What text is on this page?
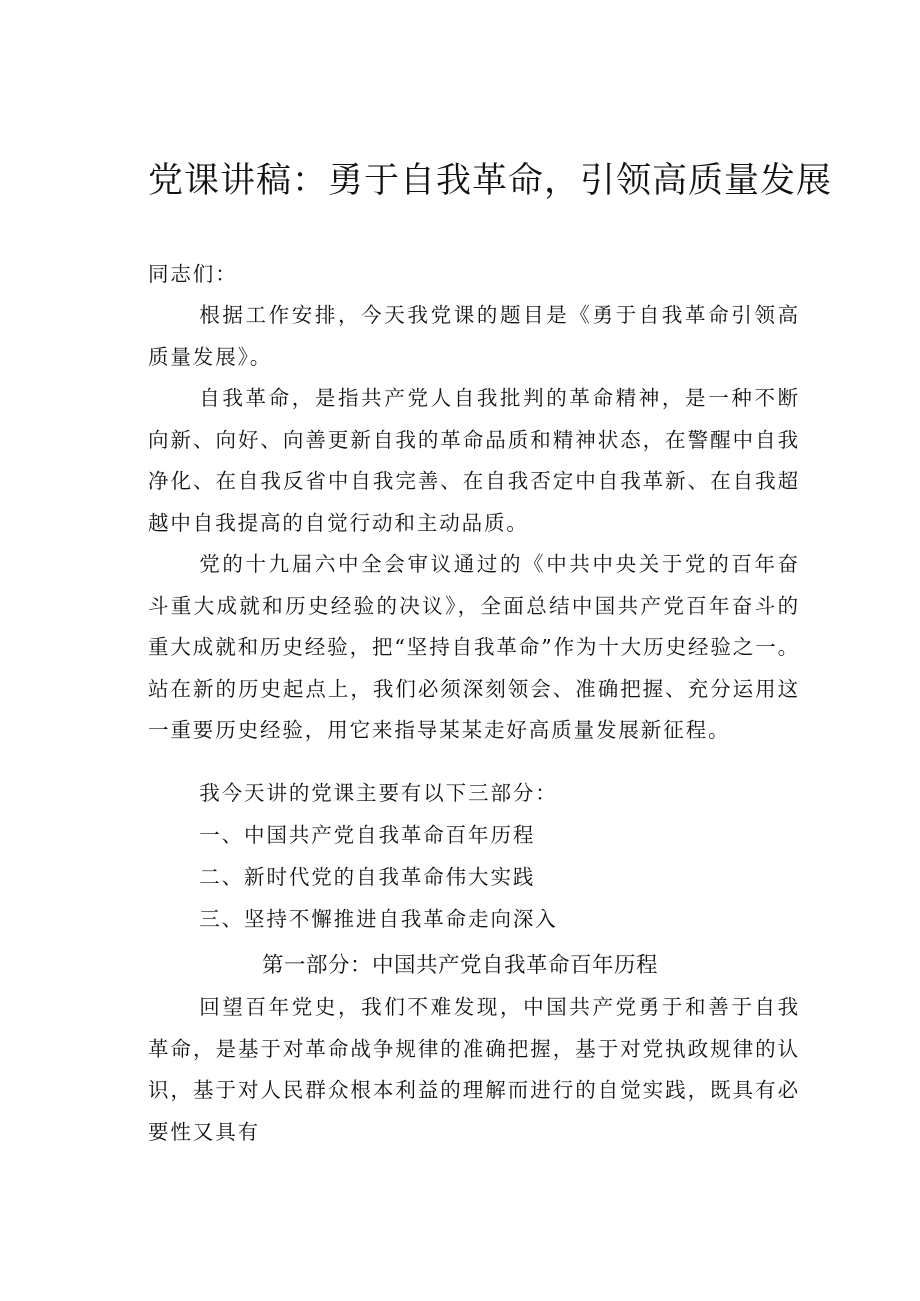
党课讲稿：勇于自我革命，引领高质量发展

同志们：

根据工作安排，今天我党课的题目是《勇于自我革命引领高质量发展》。

自我革命，是指共产党人自我批判的革命精神，是一种不断向新、向好、向善更新自我的革命品质和精神状态，在警醒中自我净化、在自我反省中自我完善、在自我否定中自我革新、在自我超越中自我提高的自觉行动和主动品质。

党的十九届六中全会审议通过的《中共中央关于党的百年奋斗重大成就和历史经验的决议》，全面总结中国共产党百年奋斗的重大成就和历史经验，把“坚持自我革命”作为十大历史经验之一。站在新的历史起点上，我们必须深刻领会、准确把握、充分运用这一重要历史经验，用它来指导某某走好高质量发展新征程。

我今天讲的党课主要有以下三部分：

一、中国共产党自我革命百年历程

二、新时代党的自我革命伟大实践

三、坚持不懈推进自我革命走向深入

第一部分：中国共产党自我革命百年历程

回望百年党史，我们不难发现，中国共产党勇于和善于自我革命，是基于对革命战争规律的准确把握，基于对党执政规律的认识，基于对人民群众根本利益的理解而进行的自觉实践，既具有必要性又具有
